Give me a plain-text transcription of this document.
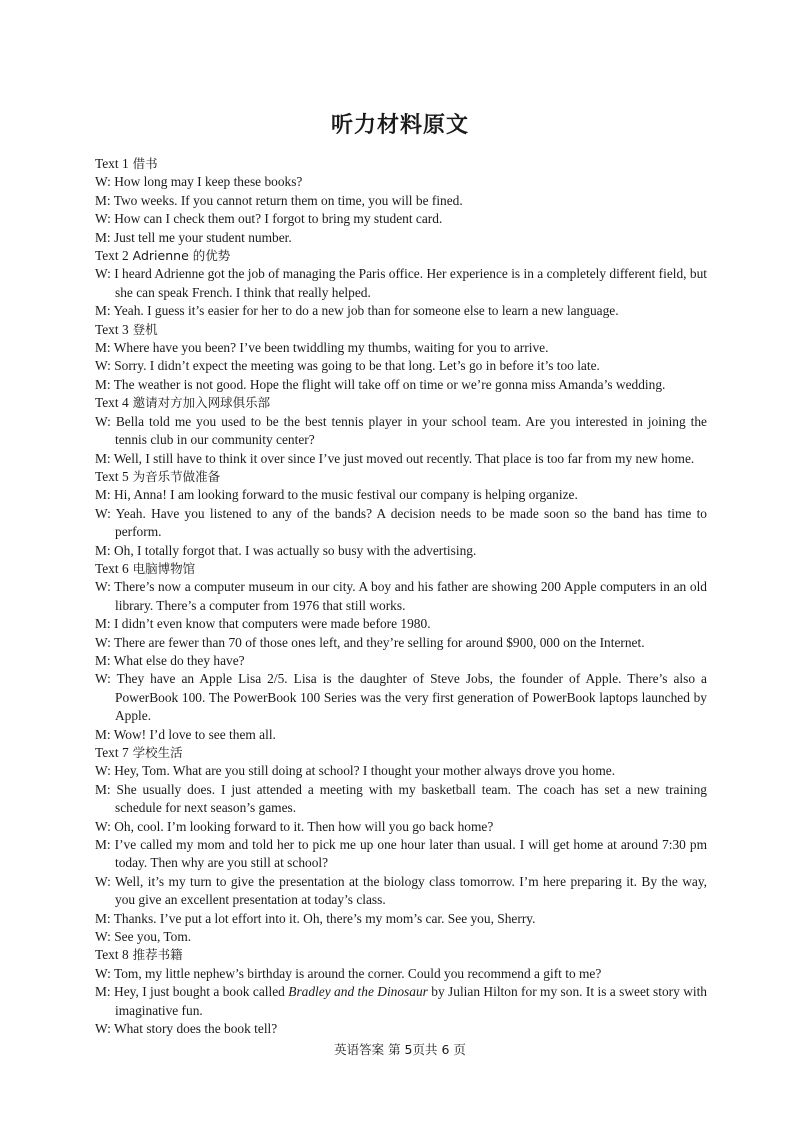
听力材料原文
Text 1 借书

W: How long may I keep these books?

M: Two weeks. If you cannot return them on time, you will be fined.

W: How can I check them out? I forgot to bring my student card.

M: Just tell me your student number.

Text 2 Adrienne 的优势

W: I heard Adrienne got the job of managing the Paris office. Her experience is in a completely different field, but she can speak French. I think that really helped.

M: Yeah. I guess it’s easier for her to do a new job than for someone else to learn a new language.

Text 3 登机

M: Where have you been? I’ve been twiddling my thumbs, waiting for you to arrive.

W: Sorry. I didn’t expect the meeting was going to be that long. Let’s go in before it’s too late.

M: The weather is not good. Hope the flight will take off on time or we’re gonna miss Amanda’s wedding.

Text 4 邀请对方加入网球俱乐部

W: Bella told me you used to be the best tennis player in your school team. Are you interested in joining the tennis club in our community center?

M: Well, I still have to think it over since I’ve just moved out recently. That place is too far from my new home.

Text 5 为音乐节做准备

M: Hi, Anna! I am looking forward to the music festival our company is helping organize.

W: Yeah. Have you listened to any of the bands? A decision needs to be made soon so the band has time to perform.

M: Oh, I totally forgot that. I was actually so busy with the advertising.

Text 6 电脑博物馆

W: There’s now a computer museum in our city. A boy and his father are showing 200 Apple computers in an old library. There’s a computer from 1976 that still works.

M: I didn’t even know that computers were made before 1980.

W: There are fewer than 70 of those ones left, and they’re selling for around $900, 000 on the Internet.

M: What else do they have?

W: They have an Apple Lisa 2/5. Lisa is the daughter of Steve Jobs, the founder of Apple. There’s also a PowerBook 100. The PowerBook 100 Series was the very first generation of PowerBook laptops launched by Apple.

M: Wow! I’d love to see them all.

Text 7 学校生活

W: Hey, Tom. What are you still doing at school? I thought your mother always drove you home.

M: She usually does. I just attended a meeting with my basketball team. The coach has set a new training schedule for next season’s games.

W: Oh, cool. I’m looking forward to it. Then how will you go back home?

M: I’ve called my mom and told her to pick me up one hour later than usual. I will get home at around 7:30 pm today. Then why are you still at school?

W: Well, it’s my turn to give the presentation at the biology class tomorrow. I’m here preparing it. By the way, you give an excellent presentation at today’s class.

M: Thanks. I’ve put a lot effort into it. Oh, there’s my mom’s car. See you, Sherry.

W: See you, Tom.

Text 8 推荐书籍

W: Tom, my little nephew’s birthday is around the corner. Could you recommend a gift to me?

M: Hey, I just bought a book called Bradley and the Dinosaur by Julian Hilton for my son. It is a sweet story with imaginative fun.

W: What story does the book tell?

英语答案 第 5页共 6 页
